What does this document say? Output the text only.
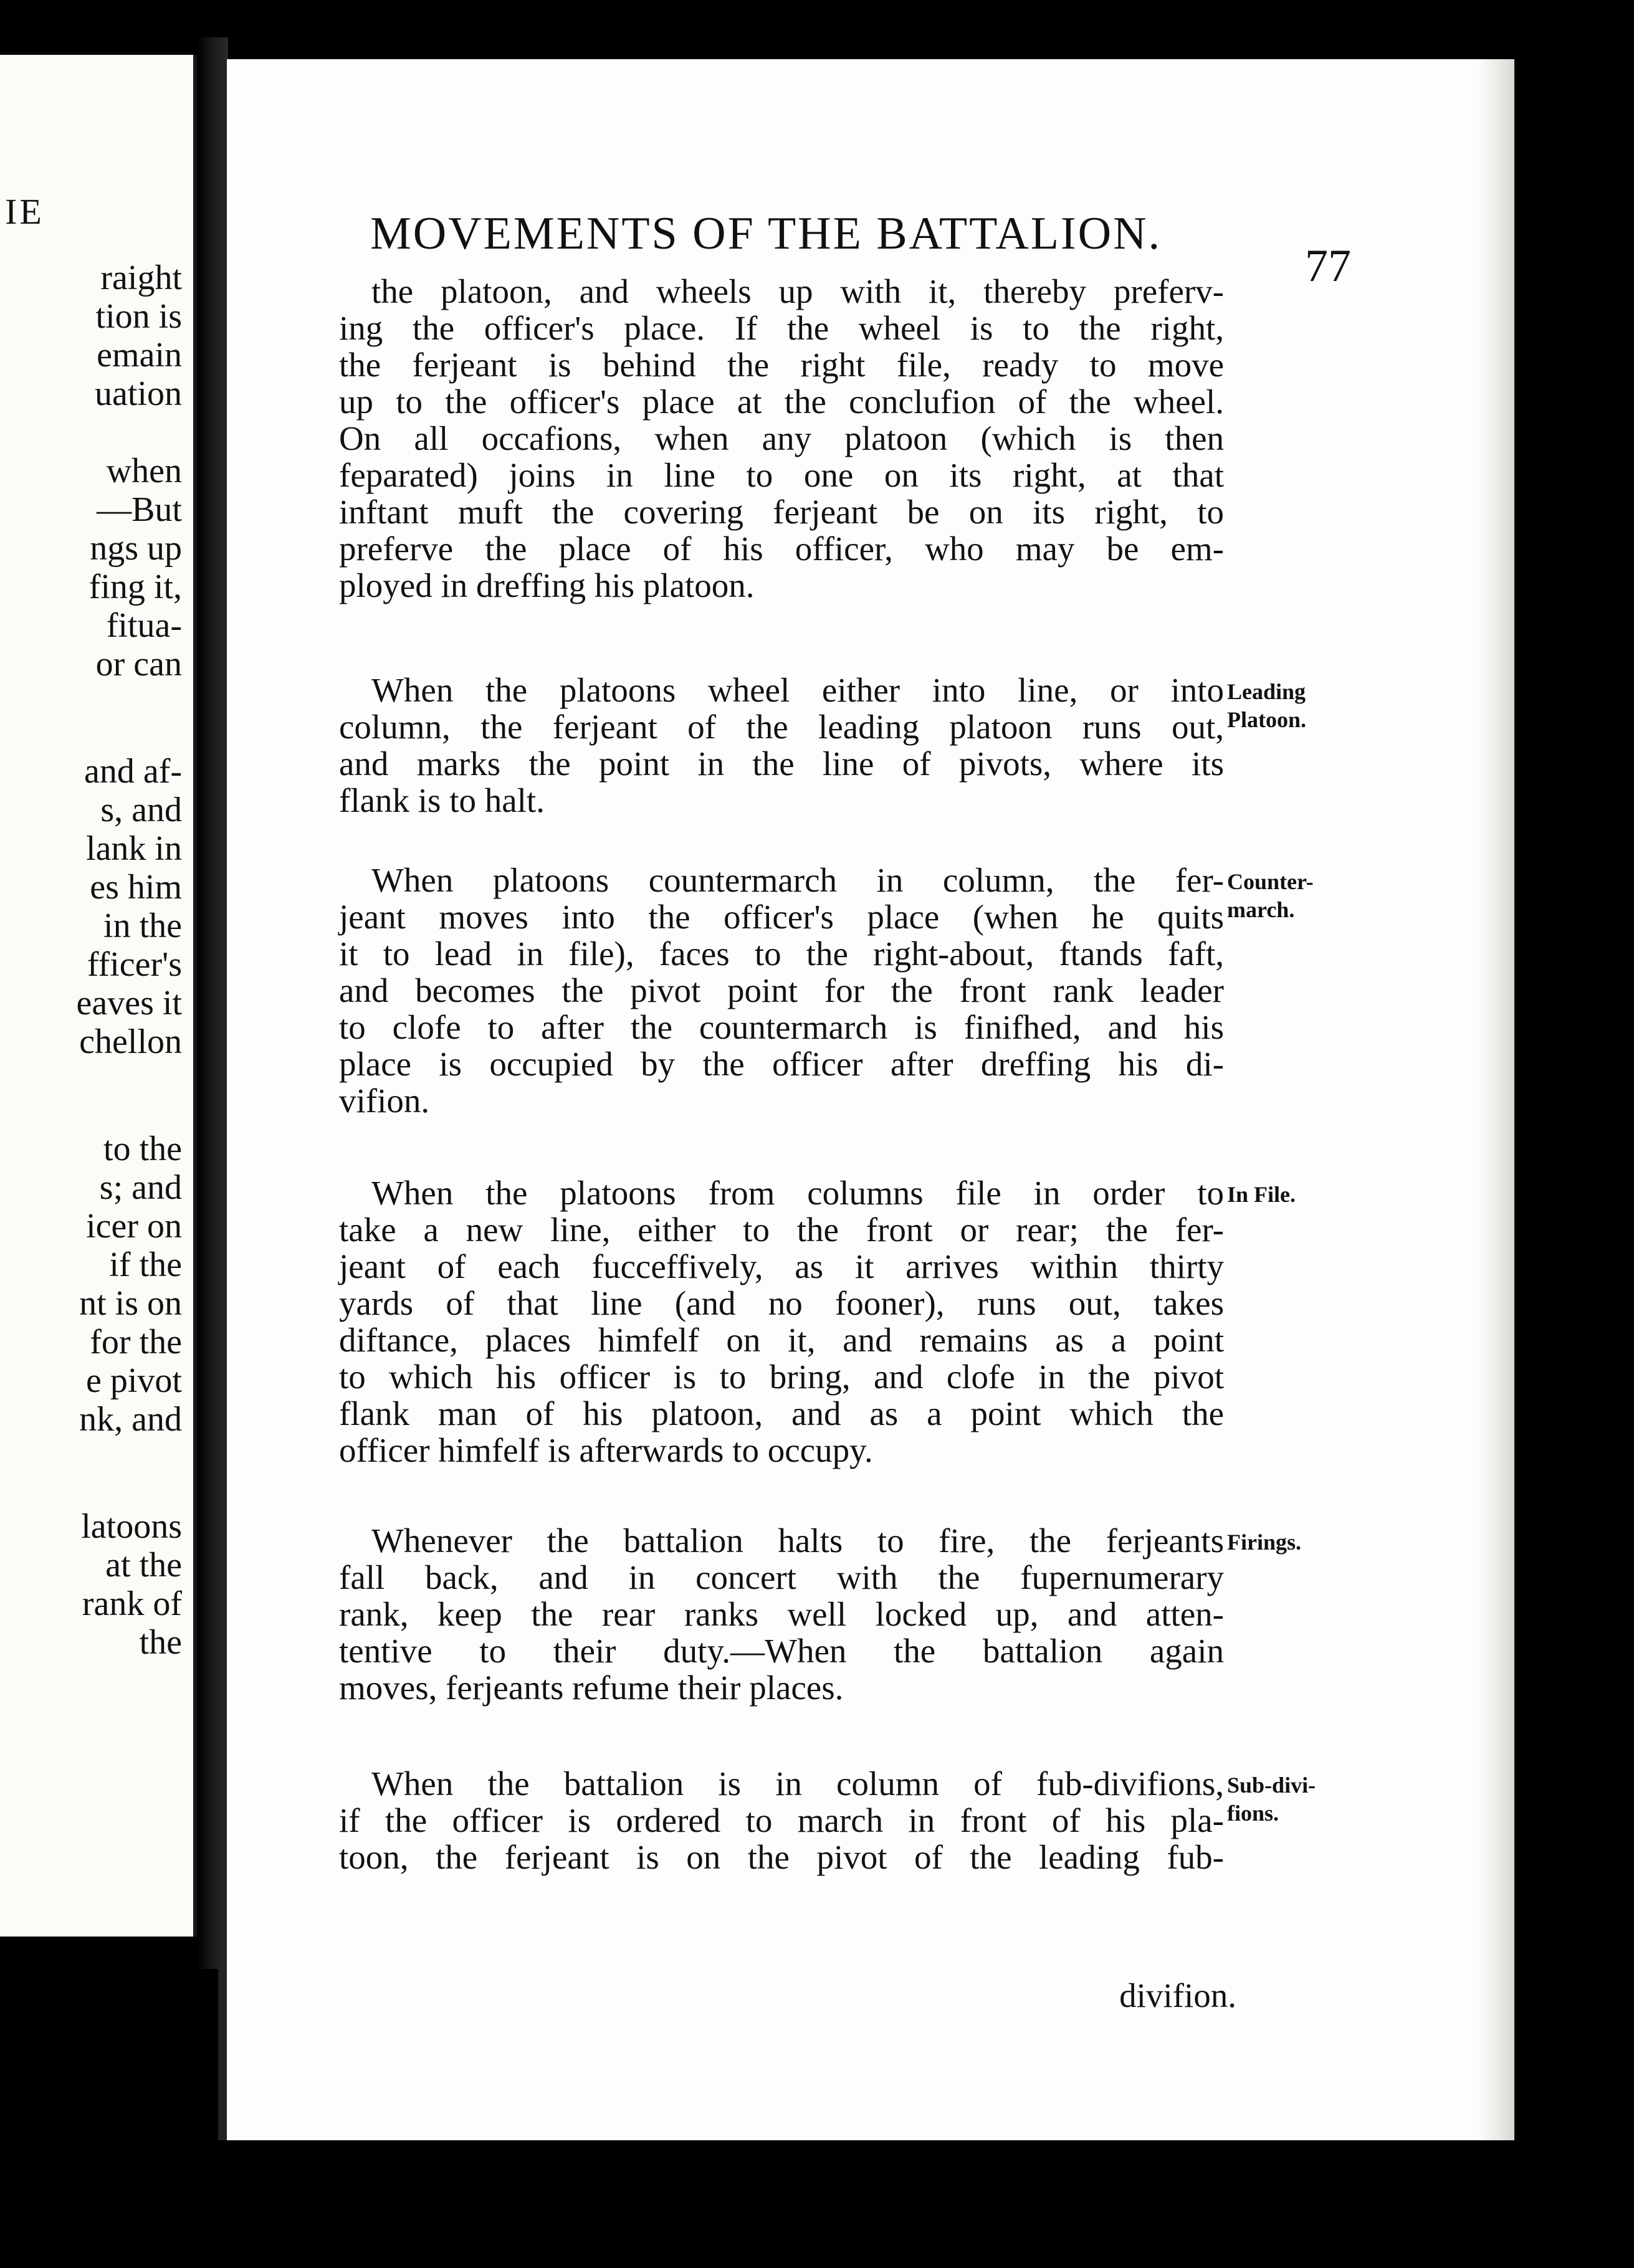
IE
raight
tion is
emain
uation
when
—But
ngs up
fing it,
fitua-
or can
and af-
s, and
lank in
es him
in the
fficer's
eaves it
chellon
to the
s; and
icer on
if the
nt is on
for the
e pivot
nk, and
latoons
at the
rank of
the
MOVEMENTS OF THE BATTALION.
77
the platoon, and wheels up with it, thereby preferv-
ing the officer's place. If the wheel is to the right,
the ferjeant is behind the right file, ready to move
up to the officer's place at the conclufion of the wheel.
On all occafions, when any platoon (which is then
feparated) joins in line to one on its right, at that
inftant muft the covering ferjeant be on its right, to
preferve the place of his officer, who may be em-
ployed in dreffing his platoon.
When the platoons wheel either into line, or into
column, the ferjeant of the leading platoon runs out,
and marks the point in the line of pivots, where its
flank is to halt.
Leading
Platoon.
When platoons countermarch in column, the fer-
jeant moves into the officer's place (when he quits
it to lead in file), faces to the right-about, ftands faft,
and becomes the pivot point for the front rank leader
to clofe to after the countermarch is finifhed, and his
place is occupied by the officer after dreffing his di-
vifion.
Counter-
march.
When the platoons from columns file in order to
take a new line, either to the front or rear; the fer-
jeant of each fucceffively, as it arrives within thirty
yards of that line (and no fooner), runs out, takes
diftance, places himfelf on it, and remains as a point
to which his officer is to bring, and clofe in the pivot
flank man of his platoon, and as a point which the
officer himfelf is afterwards to occupy.
In File.
Whenever the battalion halts to fire, the ferjeants
fall back, and in concert with the fupernumerary
rank, keep the rear ranks well locked up, and atten-
tentive to their duty.—When the battalion again
moves, ferjeants refume their places.
Firings.
When the battalion is in column of fub-divifions,
if the officer is ordered to march in front of his pla-
toon, the ferjeant is on the pivot of the leading fub-
Sub-divi-
fions.
divifion.
